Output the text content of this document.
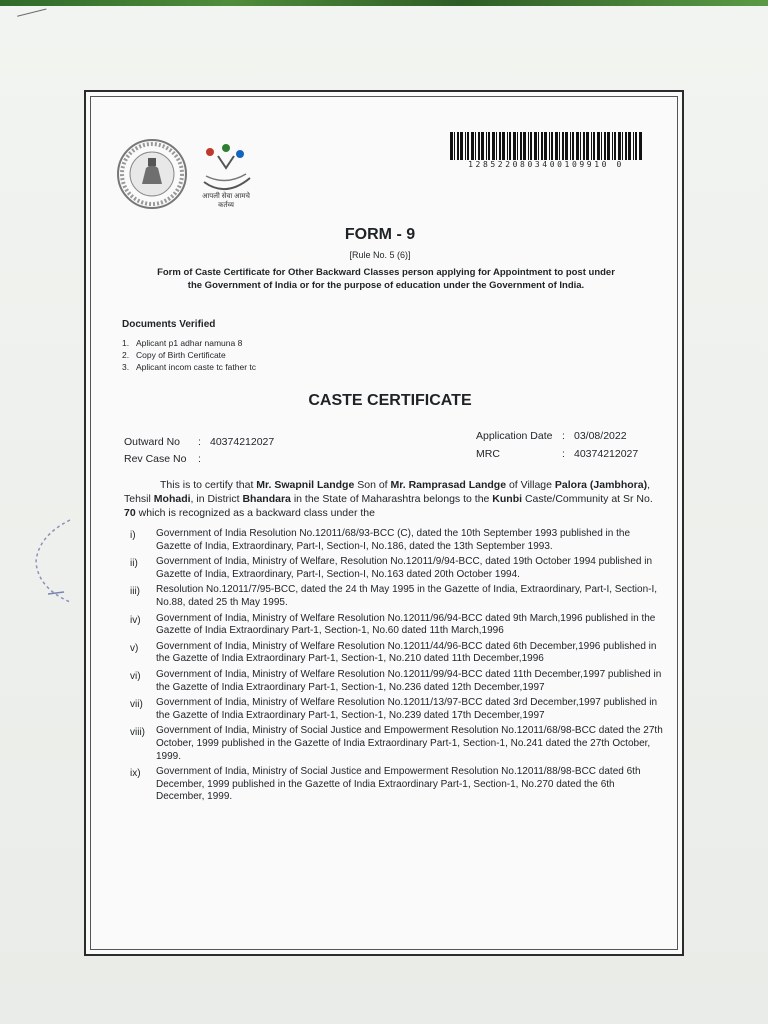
आपली सेवा आमचे कर्तव्य
1285220803400109910 0
FORM - 9
[Rule No. 5 (6)]
Form of Caste Certificate for Other Backward Classes person applying for Appointment to post under
the Government of India or for the purpose of education under the Government of India.
Documents Verified
1. Aplicant p1 adhar namuna 8
2. Copy of Birth Certificate
3. Aplicant incom caste tc father tc
CASTE CERTIFICATE
Outward No : 40374212027
Rev Case No :
Application Date : 03/08/2022
MRC	: 40374212027
This is to certify that Mr. Swapnil Landge Son of Mr. Ramprasad Landge of Village Palora (Jambhora), Tehsil Mohadi, in District Bhandara in the State of Maharashtra belongs to the Kunbi Caste/Community at Sr No. 70 which is recognized as a backward class under the
i)	Government of India Resolution No.12011/68/93-BCC (C), dated the 10th September 1993 published in the Gazette of India, Extraordinary, Part-I, Section-I, No.186, dated the 13th September 1993.
ii)	Government of India, Ministry of Welfare, Resolution No.12011/9/94-BCC, dated 19th October 1994 published in Gazette of India, Extraordinary, Part-I, Section-I, No.163 dated 20th October 1994.
iii)	Resolution No.12011/7/95-BCC, dated the 24 th May 1995 in the Gazette of India, Extraordinary, Part-I, Section-I, No.88, dated 25 th May 1995.
iv)	Government of India, Ministry of Welfare Resolution No.12011/96/94-BCC dated 9th March,1996 published in the Gazette of India Extraordinary Part-1, Section-1, No.60 dated 11th March,1996
v)	Government of India, Ministry of Welfare Resolution No.12011/44/96-BCC dated 6th December,1996 published in the Gazette of India Extraordinary Part-1, Section-1, No.210 dated 11th December,1996
vi)	Government of India, Ministry of Welfare Resolution No.12011/99/94-BCC dated 11th December,1997 published in the Gazette of India Extraordinary Part-1, Section-1, No.236 dated 12th December,1997
vii)	Government of India, Ministry of Welfare Resolution No.12011/13/97-BCC dated 3rd December,1997 published in the Gazette of India Extraordinary Part-1, Section-1, No.239 dated 17th December,1997
viii)	Government of India, Ministry of Social Justice and Empowerment Resolution No.12011/68/98-BCC dated the 27th October, 1999 published in the Gazette of India Extraordinary Part-1, Section-1, No.241 dated the 27th October, 1999.
ix)	Government of India, Ministry of Social Justice and Empowerment Resolution No.12011/88/98-BCC dated 6th December, 1999 published in the Gazette of India Extraordinary Part-1, Section-1, No.270 dated the 6th December, 1999.
